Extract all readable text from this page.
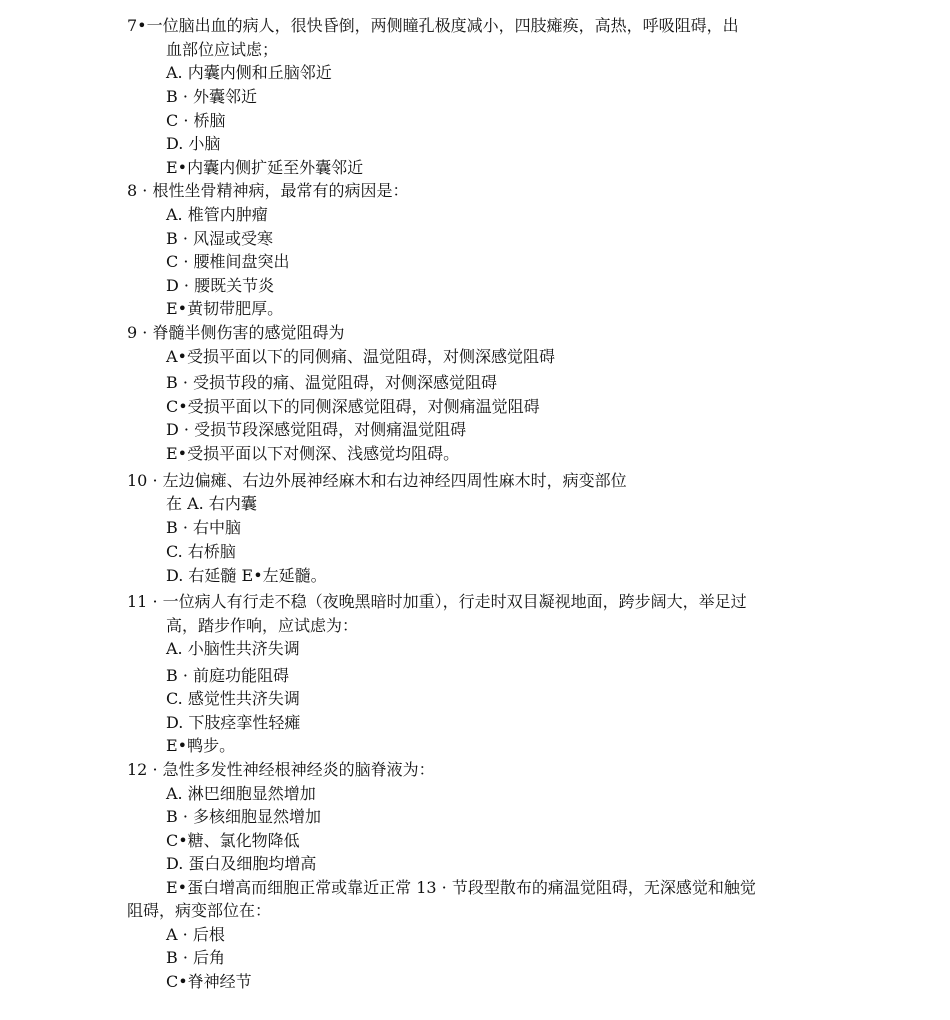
7•一位脑出血的病人，很快昏倒，两侧瞳孔极度减小，四肢瘫痪，高热，呼吸阻碍，出
血部位应试虑；
A. 内囊内侧和丘脑邻近
B · 外囊邻近
C · 桥脑
D. 小脑
E•内囊内侧扩延至外囊邻近
8 · 根性坐骨精神病，最常有的病因是：
A. 椎管内肿瘤
B · 风湿或受寒
C · 腰椎间盘突出
D · 腰既关节炎
E•黄韧带肥厚。
9 · 脊髓半侧伤害的感觉阻碍为
A•受损平面以下的同侧痛、温觉阻碍，对侧深感觉阻碍
B · 受损节段的痛、温觉阻碍，对侧深感觉阻碍
C•受损平面以下的同侧深感觉阻碍，对侧痛温觉阻碍
D · 受损节段深感觉阻碍，对侧痛温觉阻碍
E•受损平面以下对侧深、浅感觉均阻碍。
10 · 左边偏瘫、右边外展神经麻木和右边神经四周性麻木时，病变部位
在 A. 右内囊
B · 右中脑
C. 右桥脑
D. 右延髓 E•左延髓。
11 · 一位病人有行走不稳（夜晚黑暗时加重），行走时双目凝视地面，跨步阔大，举足过
高，踏步作响，应试虑为：
A. 小脑性共济失调
B · 前庭功能阻碍
C. 感觉性共济失调
D. 下肢痉挛性轻瘫
E•鸭步。
12 · 急性多发性神经根神经炎的脑脊液为：
A. 淋巴细胞显然增加
B · 多核细胞显然增加
C•糖、氯化物降低
D. 蛋白及细胞均增高
E•蛋白增高而细胞正常或靠近正常 13 · 节段型散布的痛温觉阻碍，无深感觉和触觉
阻碍，病变部位在：
A · 后根
B · 后角
C•脊神经节
